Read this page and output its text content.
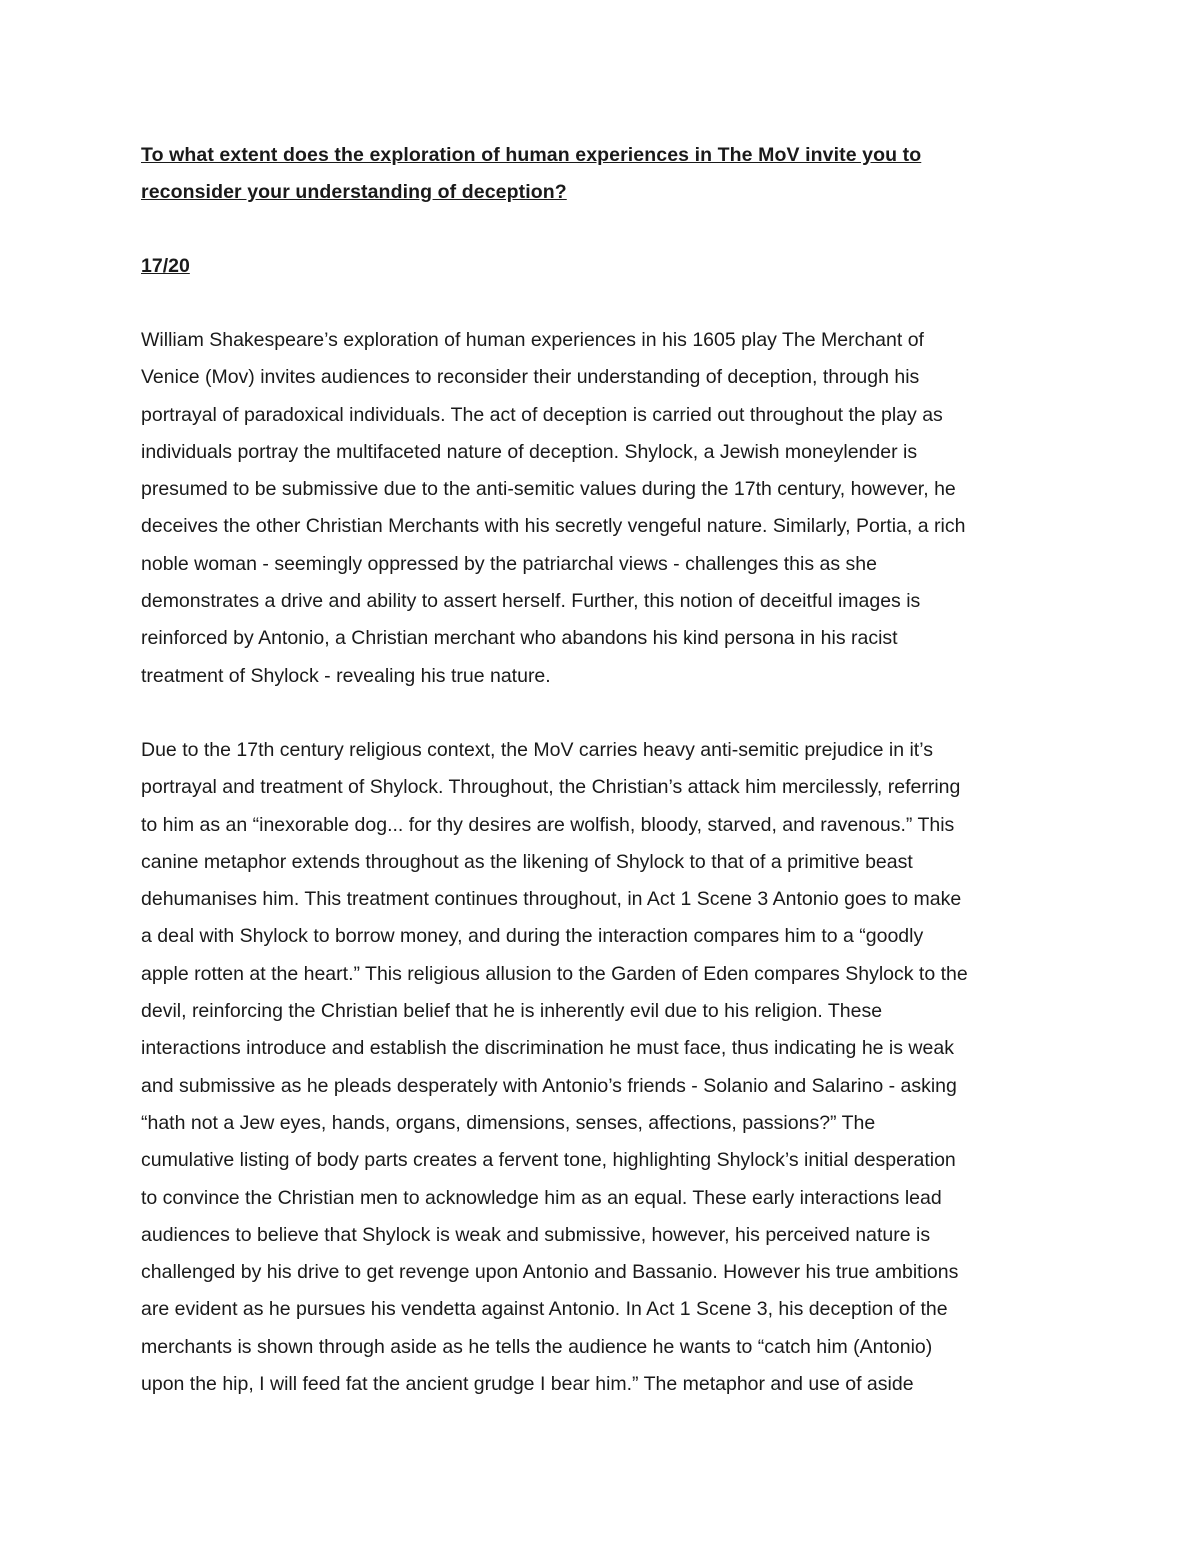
To what extent does the exploration of human experiences in The MoV invite you to
reconsider your understanding of deception?

17/20

William Shakespeare’s exploration of human experiences in his 1605 play The Merchant of
Venice (Mov) invites audiences to reconsider their understanding of deception, through his
portrayal of paradoxical individuals. The act of deception is carried out throughout the play as
individuals portray the multifaceted nature of deception. Shylock, a Jewish moneylender is
presumed to be submissive due to the anti-semitic values during the 17th century, however, he
deceives the other Christian Merchants with his secretly vengeful nature. Similarly, Portia, a rich
noble woman - seemingly oppressed by the patriarchal views - challenges this as she
demonstrates a drive and ability to assert herself. Further, this notion of deceitful images is
reinforced by Antonio, a Christian merchant who abandons his kind persona in his racist
treatment of Shylock - revealing his true nature.

Due to the 17th century religious context, the MoV carries heavy anti-semitic prejudice in it’s
portrayal and treatment of Shylock. Throughout, the Christian’s attack him mercilessly, referring
to him as an “inexorable dog... for thy desires are wolfish, bloody, starved, and ravenous.” This
canine metaphor extends throughout as the likening of Shylock to that of a primitive beast
dehumanises him. This treatment continues throughout, in Act 1 Scene 3 Antonio goes to make
a deal with Shylock to borrow money, and during the interaction compares him to a “goodly
apple rotten at the heart.” This religious allusion to the Garden of Eden compares Shylock to the
devil, reinforcing the Christian belief that he is inherently evil due to his religion. These
interactions introduce and establish the discrimination he must face, thus indicating he is weak
and submissive as he pleads desperately with Antonio’s friends - Solanio and Salarino - asking
“hath not a Jew eyes, hands, organs, dimensions, senses, affections, passions?” The
cumulative listing of body parts creates a fervent tone, highlighting Shylock’s initial desperation
to convince the Christian men to acknowledge him as an equal. These early interactions lead
audiences to believe that Shylock is weak and submissive, however, his perceived nature is
challenged by his drive to get revenge upon Antonio and Bassanio. However his true ambitions
are evident as he pursues his vendetta against Antonio. In Act 1 Scene 3, his deception of the
merchants is shown through aside as he tells the audience he wants to “catch him (Antonio)
upon the hip, I will feed fat the ancient grudge I bear him.” The metaphor and use of aside
